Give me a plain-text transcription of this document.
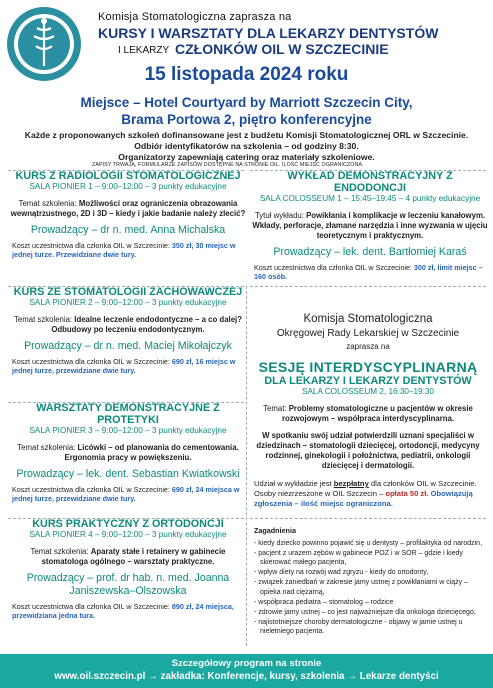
Komisja Stomatologiczna zaprasza na
KURSY I WARSZTATY DLA LEKARZY DENTYSTÓW
I LEKARZY CZŁONKÓW OIL W SZCZECINIE
15 listopada 2024 roku
Miejsce – Hotel Courtyard by Marriott Szczecin City,
Brama Portowa 2, piętro konferencyjne
Każde z proponowanych szkoleń dofinansowane jest z budżetu Komisji Stomatologicznej ORL w Szczecinie.
Odbiór identyfikatorów na szkolenia – od godziny 8:30.
Organizatorzy zapewniają catering oraz materiały szkoleniowe.
ZAPISY TRWAJĄ, FORMULARZE ZAPISÓW DOSTĘPNE NA STRONIE OIL. ILOŚĆ MIEJSC OGRANICZONA.
KURS Z RADIOLOGII STOMATOLOGICZNEJ
SALA PIONIER 1 – 9:00–12:00 – 3 punkty edukacyjne
Temat szkolenia: Możliwości oraz ograniczenia obrazowania wewnątrzustnego, 2D i 3D – kiedy i jakie badanie należy zlecić?
Prowadzący – dr n. med. Anna Michalska
Koszt uczestnictwa dla członka OIL w Szczecinie: 350 zł, 30 miejsc w jednej turze. Przewidziane dwie tury.
WYKŁAD DEMONSTRACYJNY Z ENDODONCJI
SALA COLOSSEUM 1 – 15:45–19:45 – 4 punkty edukacyjne
Tytuł wykładu: Powikłania i komplikacje w leczeniu kanałowym. Wkłady, perforacje, złamane narzędzia i inne wyzwania w ujęciu teoretycznym i praktycznym.
Prowadzący – lek. dent. Bartłomiej Karaś
Koszt uczestnictwa dla członka OIL w Szczecinie: 300 zł, limit miejsc – 160 osób.
KURS ZE STOMATOLOGII ZACHOWAWCZEJ
SALA PIONIER 2 – 9:00–12:00 – 3 punkty edukacyjne
Temat szkolenia: Idealne leczenie endodontyczne – a co dalej? Odbudowy po leczeniu endodontycznym.
Prowadzący – dr n. med. Maciej Mikołajczyk
Koszt uczestnictwa dla członka OIL w Szczecinie: 690 zł, 16 miejsc w jednej turze, przewidziane dwie tury.
WARSZTATY DEMONSTRACYJNE Z PROTETYKI
SALA PIONIER 3 – 9:00–12:00 – 3 punkty edukacyjne
Temat szkolenia: Licówki – od planowania do cementowania. Ergonomia pracy w powiększeniu.
Prowadzący – lek. dent. Sebastian Kwiatkowski
Koszt uczestnictwa dla członka OIL w Szczecinie: 690 zł, 24 miejsca w jednej turze, przewidziane dwie tury.
KURS PRAKTYCZNY Z ORTODONCJI
SALA PIONIER 4 – 9:00–12:00 – 3 punkty edukacyjne
Temat szkolenia: Aparaty stałe i retainery w gabinecie stomatologa ogólnego – warsztaty praktyczne.
Prowadzący – prof. dr hab. n. med. Joanna Janiszewska–Olszowska
Koszt uczestnictwa dla członka OIL w Szczecinie: 890 zł, 24 miejsca, przewidziana jedna tura.
Komisja Stomatologiczna
Okręgowej Rady Lekarskiej w Szczecinie
zaprasza na
SESJĘ INTERDYSCYPLINARNĄ
DLA LEKARZY I LEKARZY DENTYSTÓW
SALA COLOSSEUM 2, 16:30–19:30
Temat: Problemy stomatologiczne u pacjentów w okresie rozwojowym – współpraca interdyscyplinarna.
W spotkaniu swój udział potwierdzili uznani specjaliści w dziedzinach – stomatologii dziecięcej, ortodoncji, medycyny rodzinnej, ginekologii i położnictwa, pediatrii, onkologii dziecięcej i dermatologii.
Udział w wykładzie jest bezpłatny dla członków OIL w Szczecinie. Osoby niezrzeszone w OIL Szczecin – opłata 50 zł. Obowiązują zgłoszenia – ilość miejsc ograniczona.
Zagadnienia
- kiedy dziecko powinno pojawić się u dentysty – profilaktyka od narodzin,
- pacjent z urazem zębów w gabinecie POZ i w SOR – gdzie i kiedy skierować małego pacjenta,
- wpływ diety na rozwój wad zgryzu - kiedy do ortodonty,
- związek zaniedbań w zakresie jamy ustnej z powikłaniami w ciąży – opieka nad ciężarną,
- współpraca pediatra – stomatolog – rodzice
- zdrowie jamy ustnej – co jest najważniejsze dla onkologa dziecięcego,
- najistotniejsze choroby dermatologiczne - objawy w jamie ustnej u nieletniego pacjenta.
Szczegółowy program na stronie
www.oil.szczecin.pl → zakładka: Konferencje, kursy, szkolenia → Lekarze dentyści
